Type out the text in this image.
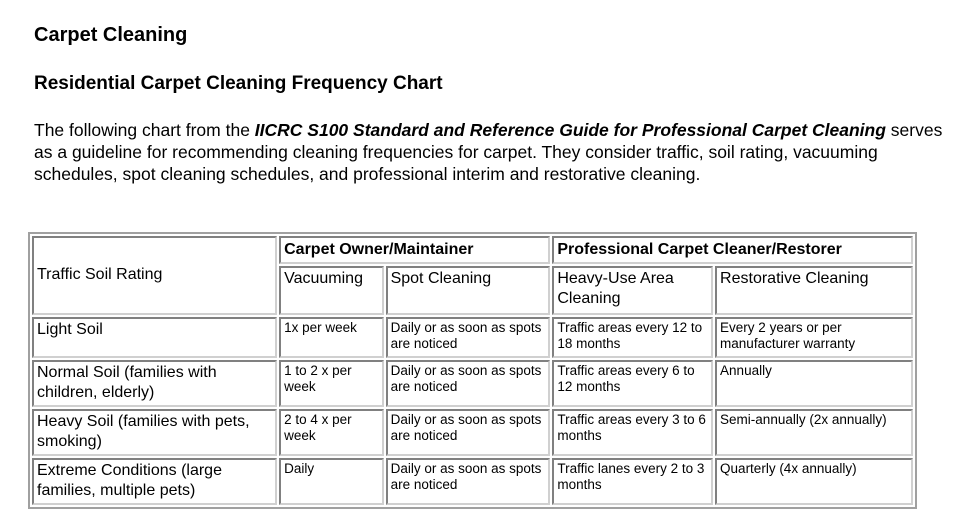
Carpet Cleaning
Residential Carpet Cleaning Frequency Chart

The following chart from the IICRC S100 Standard and Reference Guide for Professional Carpet Cleaning serves as a guideline for recommending cleaning frequencies for carpet. They consider traffic, soil rating, vacuuming schedules, spot cleaning schedules, and professional interim and restorative cleaning.

Traffic Soil Rating	Carpet Owner/Maintainer		Professional Carpet Cleaner/Restorer	
	Vacuuming	Spot Cleaning	Heavy-Use Area Cleaning	Restorative Cleaning
Light Soil	1x per week	Daily or as soon as spots are noticed	Traffic areas every 12 to 18 months	Every 2 years or per manufacturer warranty
Normal Soil (families with children, elderly)	1 to 2 x per week	Daily or as soon as spots are noticed	Traffic areas every 6 to 12 months	Annually
Heavy Soil (families with pets, smoking)	2 to 4 x per week	Daily or as soon as spots are noticed	Traffic areas every 3 to 6 months	Semi-annually (2x annually)
Extreme Conditions (large families, multiple pets)	Daily	Daily or as soon as spots are noticed	Traffic lanes every 2 to 3 months	Quarterly (4x annually)
